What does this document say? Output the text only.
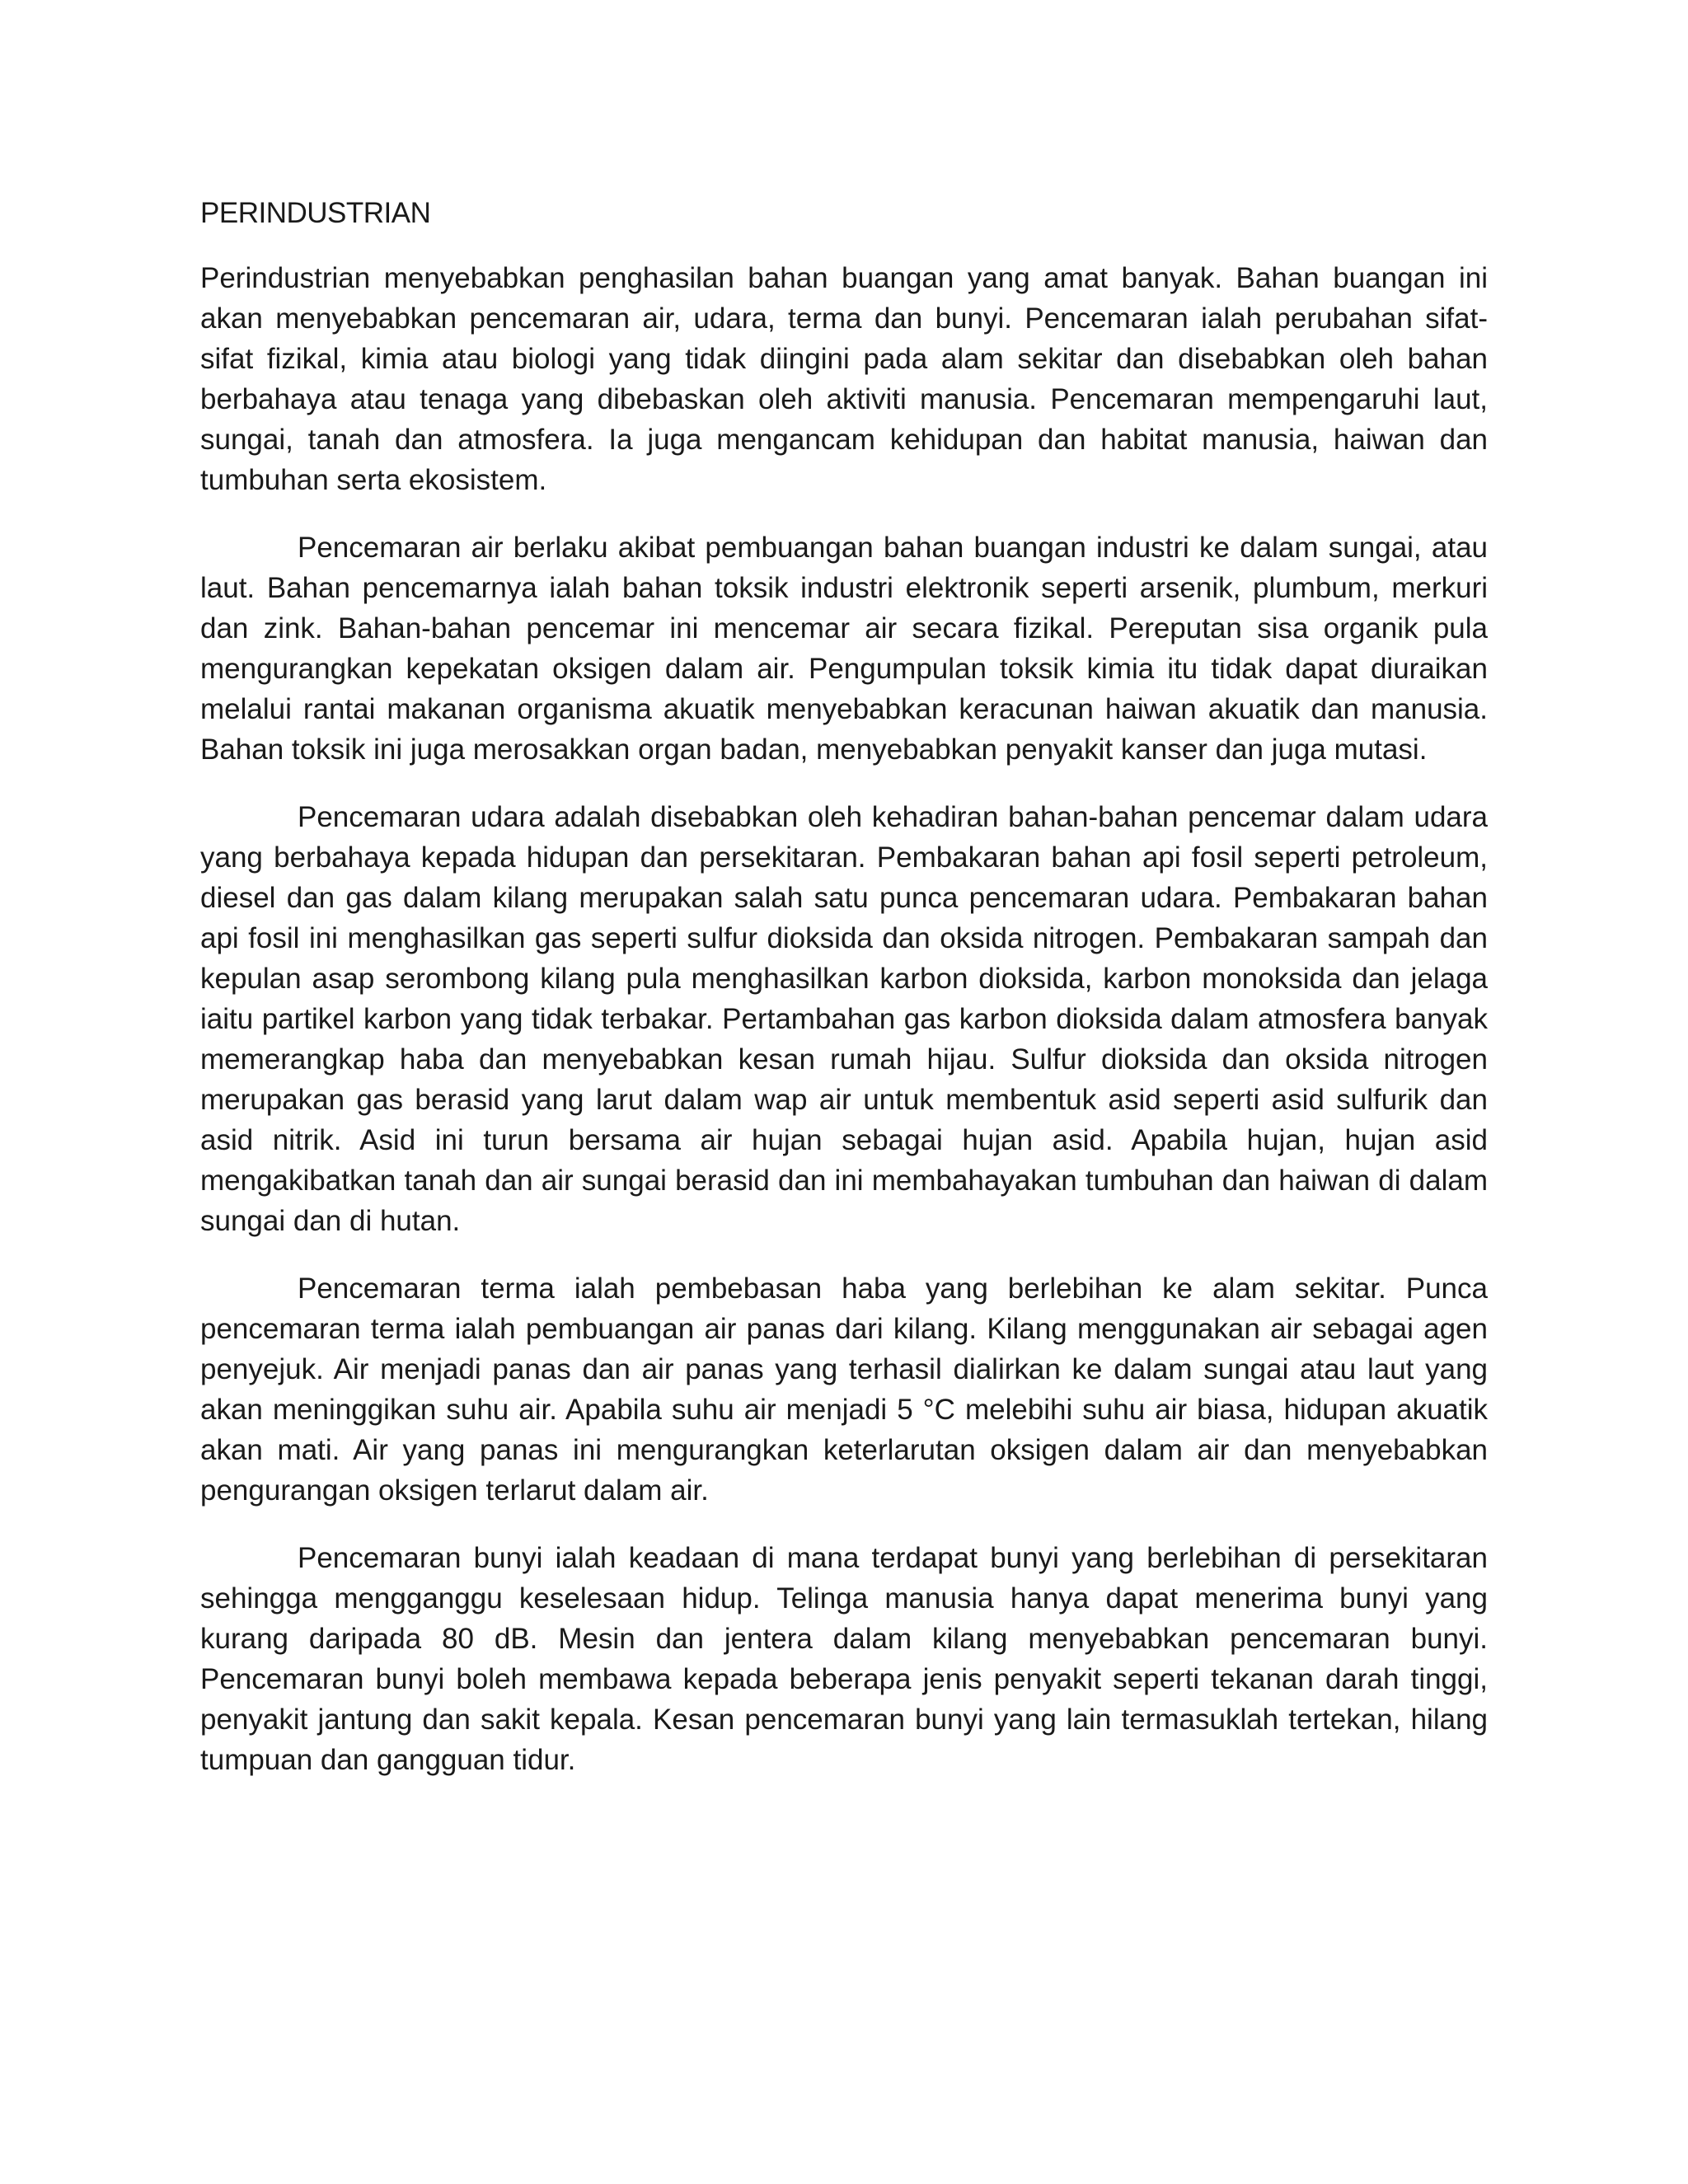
PERINDUSTRIAN

Perindustrian menyebabkan penghasilan bahan buangan yang amat banyak. Bahan buangan ini akan menyebabkan pencemaran air, udara, terma dan bunyi. Pencemaran ialah perubahan sifat-sifat fizikal, kimia atau biologi yang tidak diingini pada alam sekitar dan disebabkan oleh bahan berbahaya atau tenaga yang dibebaskan oleh aktiviti manusia. Pencemaran mempengaruhi laut, sungai, tanah dan atmosfera. Ia juga mengancam kehidupan dan habitat manusia, haiwan dan tumbuhan serta ekosistem.

Pencemaran air berlaku akibat pembuangan bahan buangan industri ke dalam sungai, atau laut. Bahan pencemarnya ialah bahan toksik industri elektronik seperti arsenik, plumbum, merkuri dan zink. Bahan-bahan pencemar ini mencemar air secara fizikal. Pereputan sisa organik pula mengurangkan kepekatan oksigen dalam air. Pengumpulan toksik kimia itu tidak dapat diuraikan melalui rantai makanan organisma akuatik menyebabkan keracunan haiwan akuatik dan manusia. Bahan toksik ini juga merosakkan organ badan, menyebabkan penyakit kanser dan juga mutasi.

Pencemaran udara adalah disebabkan oleh kehadiran bahan-bahan pencemar dalam udara yang berbahaya kepada hidupan dan persekitaran. Pembakaran bahan api fosil seperti petroleum, diesel dan gas dalam kilang merupakan salah satu punca pencemaran udara. Pembakaran bahan api fosil ini menghasilkan gas seperti sulfur dioksida dan oksida nitrogen. Pembakaran sampah dan kepulan asap serombong kilang pula menghasilkan karbon dioksida, karbon monoksida dan jelaga iaitu partikel karbon yang tidak terbakar. Pertambahan gas karbon dioksida dalam atmosfera banyak memerangkap haba dan menyebabkan kesan rumah hijau. Sulfur dioksida dan oksida nitrogen merupakan gas berasid yang larut dalam wap air untuk membentuk asid seperti asid sulfurik dan asid nitrik. Asid ini turun bersama air hujan sebagai hujan asid. Apabila hujan, hujan asid mengakibatkan tanah dan air sungai berasid dan ini membahayakan tumbuhan dan haiwan di dalam sungai dan di hutan.

Pencemaran terma ialah pembebasan haba yang berlebihan ke alam sekitar. Punca pencemaran terma ialah pembuangan air panas dari kilang. Kilang menggunakan air sebagai agen penyejuk. Air menjadi panas dan air panas yang terhasil dialirkan ke dalam sungai atau laut yang akan meninggikan suhu air. Apabila suhu air menjadi 5 °C melebihi suhu air biasa, hidupan akuatik akan mati. Air yang panas ini mengurangkan keterlarutan oksigen dalam air dan menyebabkan pengurangan oksigen terlarut dalam air.

Pencemaran bunyi ialah keadaan di mana terdapat bunyi yang berlebihan di persekitaran sehingga mengganggu keselesaan hidup. Telinga manusia hanya dapat menerima bunyi yang kurang daripada 80 dB. Mesin dan jentera dalam kilang menyebabkan pencemaran bunyi. Pencemaran bunyi boleh membawa kepada beberapa jenis penyakit seperti tekanan darah tinggi, penyakit jantung dan sakit kepala. Kesan pencemaran bunyi yang lain termasuklah tertekan, hilang tumpuan dan gangguan tidur.
